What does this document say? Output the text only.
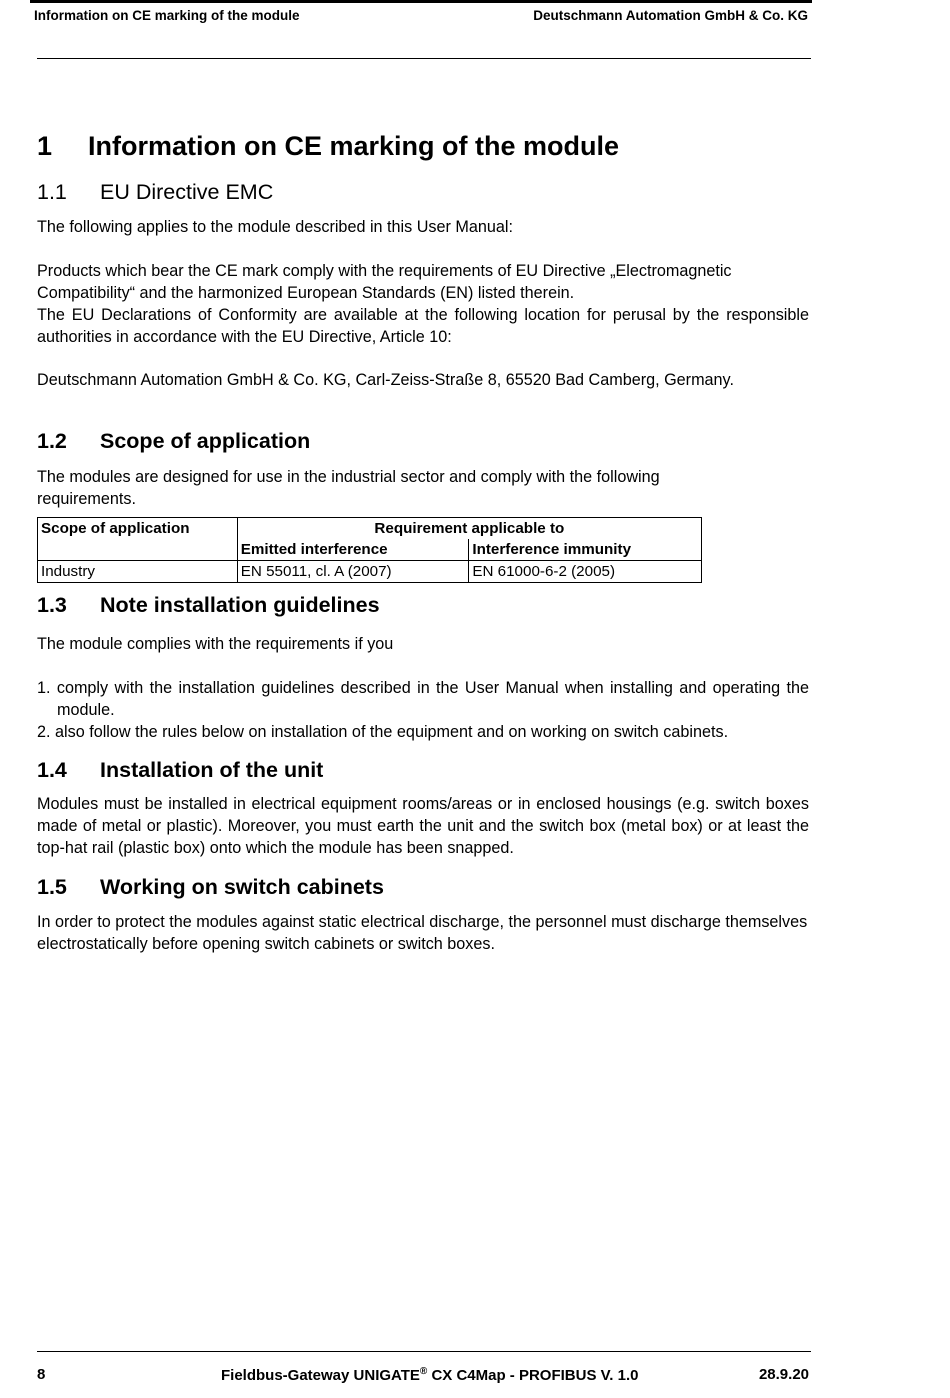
Information on CE marking of the module	Deutschmann Automation GmbH & Co. KG
1 Information on CE marking of the module
1.1 EU Directive EMC

The following applies to the module described in this User Manual:

Products which bear the CE mark comply with the requirements of EU Directive „Electromagnetic Compatibility“ and the harmonized European Standards (EN) listed therein.

The EU Declarations of Conformity are available at the following location for perusal by the responsible authorities in accordance with the EU Directive, Article 10:

Deutschmann Automation GmbH & Co. KG, Carl-Zeiss-Straße 8, 65520 Bad Camberg, Germany.

1.2 Scope of application

The modules are designed for use in the industrial sector and comply with the following requirements.

Scope of application	Requirement applicable to	
	Emitted interference	Interference immunity
Industry	EN 55011, cl. A (2007)	EN 61000-6-2 (2005)
1.3 Note installation guidelines

The module complies with the requirements if you

1. comply with the installation guidelines described in the User Manual when installing and operating the module.
2. also follow the rules below on installation of the equipment and on working on switch cabinets.
1.4 Installation of the unit

Modules must be installed in electrical equipment rooms/areas or in enclosed housings (e.g. switch boxes made of metal or plastic). Moreover, you must earth the unit and the switch box (metal box) or at least the top-hat rail (plastic box) onto which the module has been snapped.

1.5 Working on switch cabinets

In order to protect the modules against static electrical discharge, the personnel must discharge themselves electrostatically before opening switch cabinets or switch boxes.

8	Fieldbus-Gateway UNIGATE® CX C4Map - PROFIBUS V. 1.0	28.9.20
